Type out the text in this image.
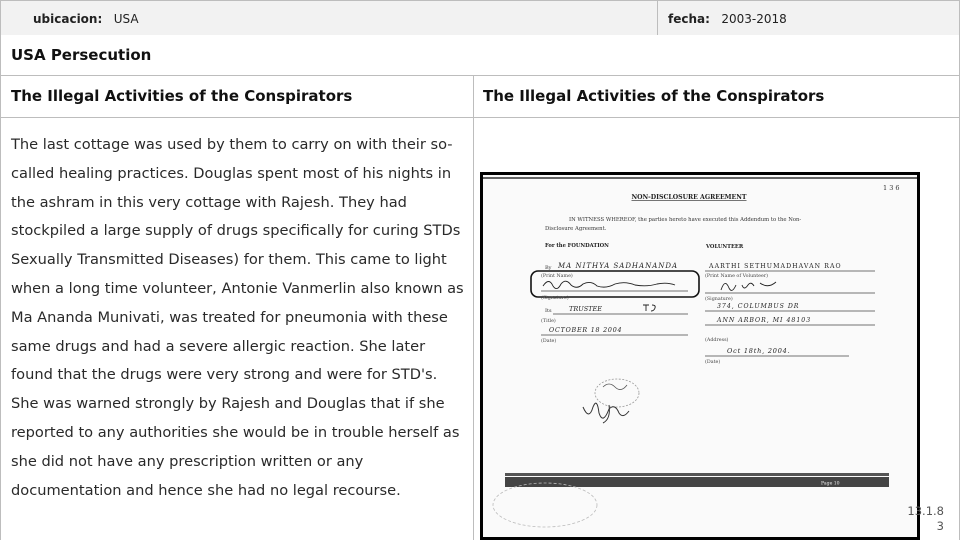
ubicacion: USA	fecha: 2003-2018
USA Persecution
The Illegal Activities of the Conspirators	The Illegal Activities of the Conspirators

The last cottage was used by them to carry on with their so-called healing practices. Douglas spent most of his nights in the ashram in this very cottage with Rajesh. They had stockpiled a large supply of drugs specifically for curing STDs Sexually Transmitted Diseases) for them. This came to light when a long time volunteer, Antonie Vanmerlin also known as Ma Ananda Munivati, was treated for pneumonia with these same drugs and had a severe allergic reaction. She later found that the drugs were very strong and were for STD's. She was warned strongly by Rajesh and Douglas that if she reported to any authorities she would be in trouble herself as she did not have any prescription written or any documentation and hence she had no legal recourse.

1 3 6
NON-DISCLOSURE AGREEMENT
IN WITNESS WHEREOF, the parties hereto have executed this Addendum to the Non-
Disclosure Agreement.
For the FOUNDATION	VOLUNTEER
By MA NITHYA SADHANANDA
(Print Name)
(Signature)
Its	TRUSTEE
(Title)
OCTOBER 18 2004
(Date)
AARTHI SETHUMADHAVAN RAO
(Print Name of Volunteer)
(Signature)
374, COLUMBUS DR
ANN ARBOR, MI 48103
(Address)
Oct 18th, 2004.
(Date)
Page 10
13.1.8
3
